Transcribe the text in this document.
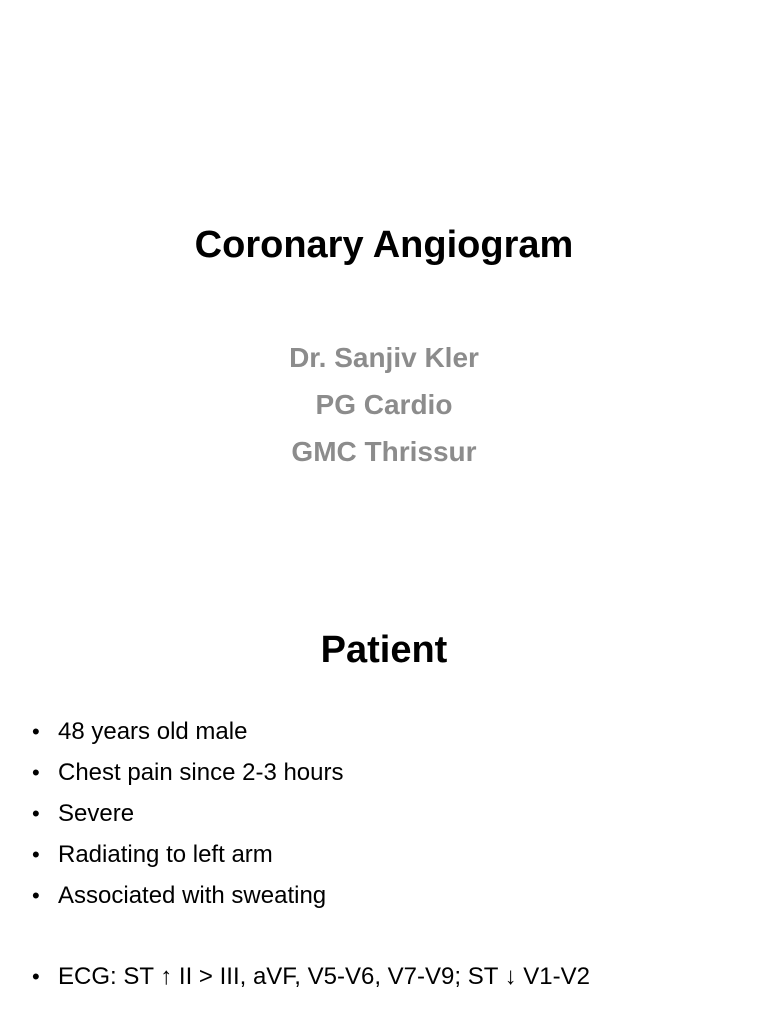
Coronary Angiogram
Dr. Sanjiv Kler
PG Cardio
GMC Thrissur
Patient
• 48 years old male
• Chest pain since 2-3 hours
• Severe
• Radiating to left arm
• Associated with sweating
• ECG: ST ↑ II > III, aVF, V5-V6, V7-V9; ST ↓ V1-V2
